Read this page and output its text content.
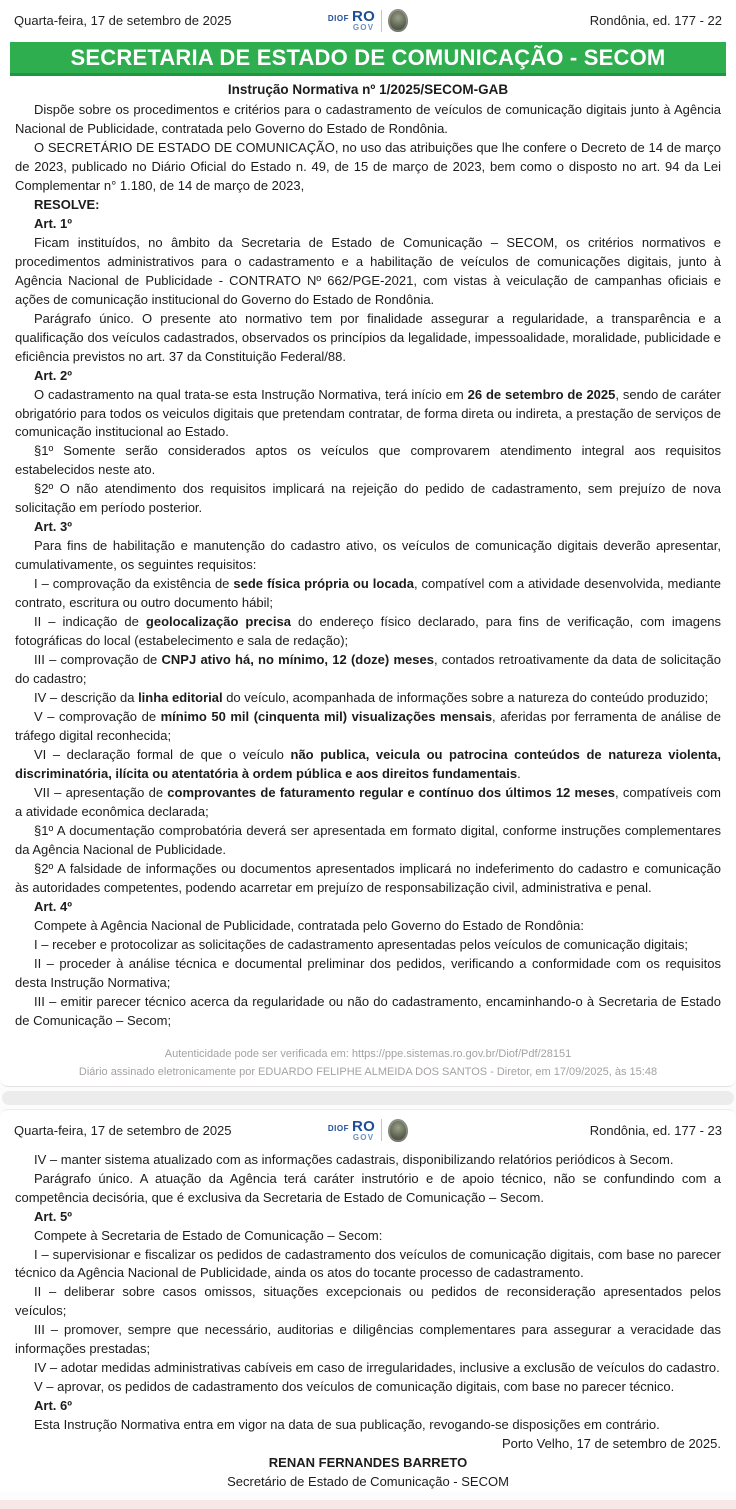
Quarta-feira, 17 de setembro de 2025	DIOF RO
GOV	Rondônia, ed. 177 - 22
SECRETARIA DE ESTADO DE COMUNICAÇÃO - SECOM
Instrução Normativa nº 1/2025/SECOM-GAB

Dispõe sobre os procedimentos e critérios para o cadastramento de veículos de comunicação digitais junto à Agência Nacional de Publicidade, contratada pelo Governo do Estado de Rondônia.

O SECRETÁRIO DE ESTADO DE COMUNICAÇÃO, no uso das atribuições que lhe confere o Decreto de 14 de março de 2023, publicado no Diário Oficial do Estado n. 49, de 15 de março de 2023, bem como o disposto no art. 94 da Lei Complementar n° 1.180, de 14 de março de 2023,

RESOLVE:

Art. 1º

Ficam instituídos, no âmbito da Secretaria de Estado de Comunicação – SECOM, os critérios normativos e procedimentos administrativos para o cadastramento e a habilitação de veículos de comunicações digitais, junto à Agência Nacional de Publicidade - CONTRATO Nº 662/PGE-2021, com vistas à veiculação de campanhas oficiais e ações de comunicação institucional do Governo do Estado de Rondônia.

Parágrafo único. O presente ato normativo tem por finalidade assegurar a regularidade, a transparência e a qualificação dos veículos cadastrados, observados os princípios da legalidade, impessoalidade, moralidade, publicidade e eficiência previstos no art. 37 da Constituição Federal/88.

Art. 2º

O cadastramento na qual trata-se esta Instrução Normativa, terá início em 26 de setembro de 2025, sendo de caráter obrigatório para todos os veiculos digitais que pretendam contratar, de forma direta ou indireta, a prestação de serviços de comunicação institucional ao Estado.

§1º Somente serão considerados aptos os veículos que comprovarem atendimento integral aos requisitos estabelecidos neste ato.

§2º O não atendimento dos requisitos implicará na rejeição do pedido de cadastramento, sem prejuízo de nova solicitação em período posterior.

Art. 3º

Para fins de habilitação e manutenção do cadastro ativo, os veículos de comunicação digitais deverão apresentar, cumulativamente, os seguintes requisitos:

I – comprovação da existência de sede física própria ou locada, compatível com a atividade desenvolvida, mediante contrato, escritura ou outro documento hábil;

II – indicação de geolocalização precisa do endereço físico declarado, para fins de verificação, com imagens fotográficas do local (estabelecimento e sala de redação);

III – comprovação de CNPJ ativo há, no mínimo, 12 (doze) meses, contados retroativamente da data de solicitação do cadastro;

IV – descrição da linha editorial do veículo, acompanhada de informações sobre a natureza do conteúdo produzido;

V – comprovação de mínimo 50 mil (cinquenta mil) visualizações mensais, aferidas por ferramenta de análise de tráfego digital reconhecida;

VI – declaração formal de que o veículo não publica, veicula ou patrocina conteúdos de natureza violenta, discriminatória, ilícita ou atentatória à ordem pública e aos direitos fundamentais.

VII – apresentação de comprovantes de faturamento regular e contínuo dos últimos 12 meses, compatíveis com a atividade econômica declarada;

§1º A documentação comprobatória deverá ser apresentada em formato digital, conforme instruções complementares da Agência Nacional de Publicidade.

§2º A falsidade de informações ou documentos apresentados implicará no indeferimento do cadastro e comunicação às autoridades competentes, podendo acarretar em prejuízo de responsabilização civil, administrativa e penal.

Art. 4º

Compete à Agência Nacional de Publicidade, contratada pelo Governo do Estado de Rondônia:

I – receber e protocolizar as solicitações de cadastramento apresentadas pelos veículos de comunicação digitais;

II – proceder à análise técnica e documental preliminar dos pedidos, verificando a conformidade com os requisitos desta Instrução Normativa;

III – emitir parecer técnico acerca da regularidade ou não do cadastramento, encaminhando-o à Secretaria de Estado de Comunicação – Secom;

Autenticidade pode ser verificada em: https://ppe.sistemas.ro.gov.br/Diof/Pdf/28151
Diário assinado eletronicamente por EDUARDO FELIPHE ALMEIDA DOS SANTOS - Diretor, em 17/09/2025, às 15:48
Quarta-feira, 17 de setembro de 2025	DIOF RO
GOV	Rondônia, ed. 177 - 23

IV – manter sistema atualizado com as informações cadastrais, disponibilizando relatórios periódicos à Secom.

Parágrafo único. A atuação da Agência terá caráter instrutório e de apoio técnico, não se confundindo com a competência decisória, que é exclusiva da Secretaria de Estado de Comunicação – Secom.

Art. 5º

Compete à Secretaria de Estado de Comunicação – Secom:

I – supervisionar e fiscalizar os pedidos de cadastramento dos veículos de comunicação digitais, com base no parecer técnico da Agência Nacional de Publicidade, ainda os atos do tocante processo de cadastramento.

II – deliberar sobre casos omissos, situações excepcionais ou pedidos de reconsideração apresentados pelos veículos;

III – promover, sempre que necessário, auditorias e diligências complementares para assegurar a veracidade das informações prestadas;

IV – adotar medidas administrativas cabíveis em caso de irregularidades, inclusive a exclusão de veículos do cadastro.

V – aprovar, os pedidos de cadastramento dos veículos de comunicação digitais, com base no parecer técnico.

Art. 6º

Esta Instrução Normativa entra em vigor na data de sua publicação, revogando-se disposições em contrário.

Porto Velho, 17 de setembro de 2025.

RENAN FERNANDES BARRETO

Secretário de Estado de Comunicação - SECOM
